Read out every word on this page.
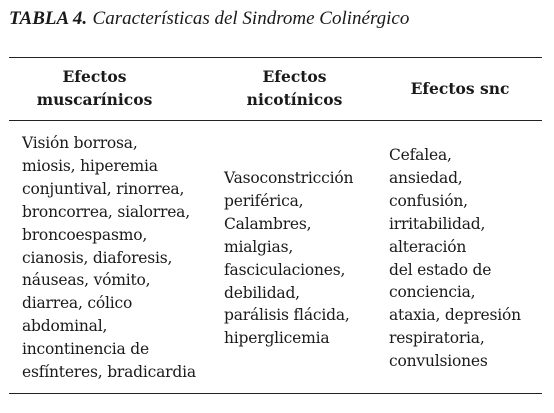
TABLA 4. Características del Sindrome Colinérgico
Efectos
muscarínicos
Efectos
nicotínicos
Efectos snc
Visión borrosa,
miosis, hiperemia
conjuntival, rinorrea,
broncorrea, sialorrea,
broncoespasmo,
cianosis, diaforesis,
náuseas, vómito,
diarrea, cólico
abdominal,
incontinencia de
esfínteres, bradicardia
Vasoconstricción
periférica,
Calambres,
mialgias,
fasciculaciones,
debilidad,
parálisis flácida,
hiperglicemia
Cefalea,
ansiedad,
confusión,
irritabilidad,
alteración
del estado de
conciencia,
ataxia, depresión
respiratoria,
convulsiones
